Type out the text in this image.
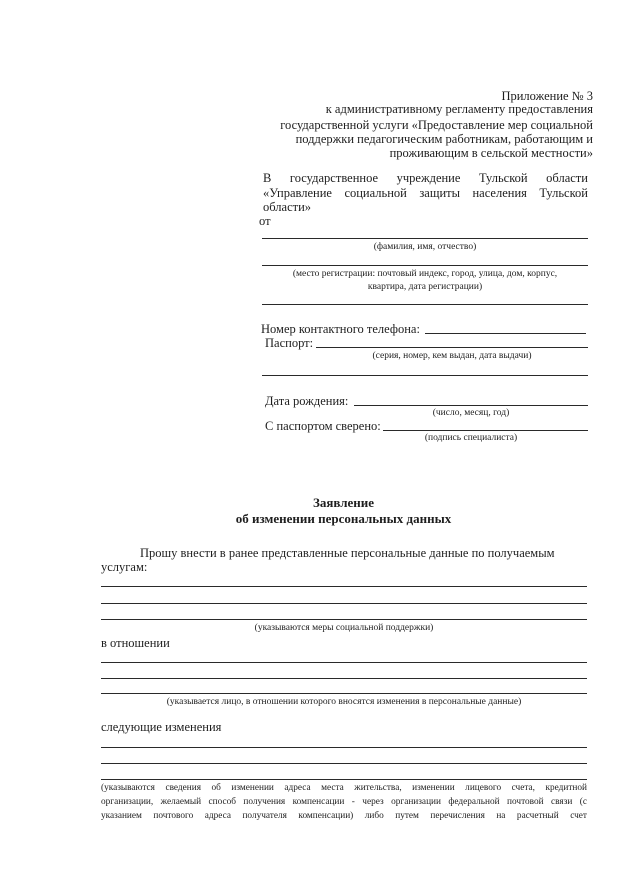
Приложение № 3
к административному регламенту предоставления
государственной услуги «Предоставление мер социальной
поддержки педагогическим работникам, работающим и
проживающим в сельской местности»
В государственное учреждение Тульской области
«Управление социальной защиты населения Тульской
области»
от
(фамилия, имя, отчество)
(место регистрации: почтовый индекс, город, улица, дом, корпус,
квартира, дата регистрации)
Номер контактного телефона:
Паспорт:
(серия, номер, кем выдан, дата выдачи)
Дата рождения:
(число, месяц, год)
С паспортом сверено:
(подпись специалиста)
Заявление
об изменении персональных данных
Прошу внести в ранее представленные персональные данные по получаемым
услугам:
(указываются меры социальной поддержки)
в отношении
(указывается лицо, в отношении которого вносятся изменения в персональные данные)
следующие изменения
(указываются сведения об изменении адреса места жительства, изменении лицевого счета, кредитной
организации, желаемый способ получения компенсации - через организации федеральной почтовой связи (с
указанием почтового адреса получателя компенсации) либо путем перечисления на расчетный счет
